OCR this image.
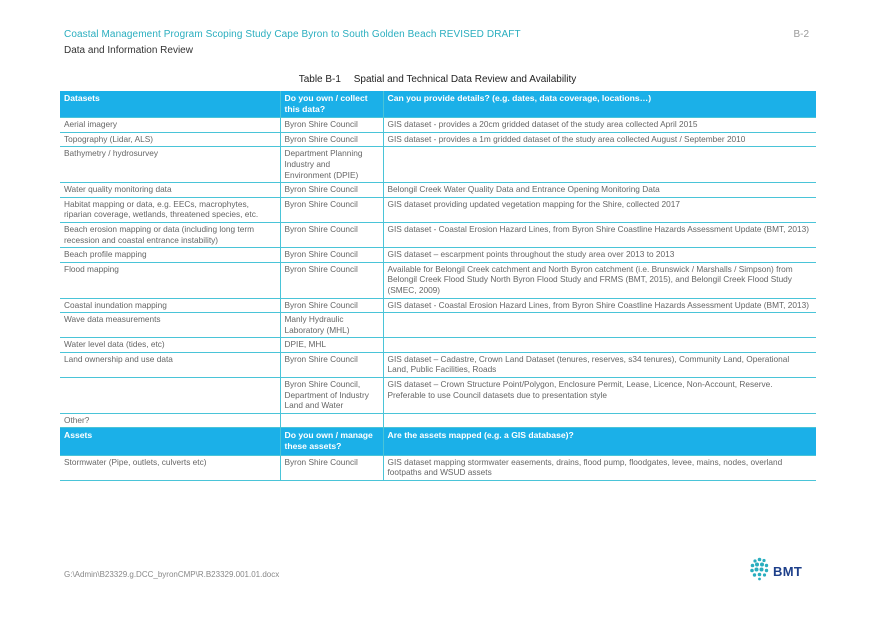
Coastal Management Program Scoping Study Cape Byron to South Golden Beach REVISED DRAFT	B-2
Data and Information Review
Table B-1 Spatial and Technical Data Review and Availability
Datasets	Do you own / collect this data?	Can you provide details? (e.g. dates, data coverage, locations…)
Aerial imagery	Byron Shire Council	GIS dataset - provides a 20cm gridded dataset of the study area collected April 2015
Topography (Lidar, ALS)	Byron Shire Council	GIS dataset - provides a 1m gridded dataset of the study area collected August / September 2010
Bathymetry / hydrosurvey	Department Planning Industry and Environment (DPIE)	
Water quality monitoring data	Byron Shire Council	Belongil Creek Water Quality Data and Entrance Opening Monitoring Data
Habitat mapping or data, e.g. EECs, macrophytes, riparian coverage, wetlands, threatened species, etc.	Byron Shire Council	GIS dataset providing updated vegetation mapping for the Shire, collected 2017
Beach erosion mapping or data (including long term recession and coastal entrance instability)	Byron Shire Council	GIS dataset - Coastal Erosion Hazard Lines, from Byron Shire Coastline Hazards Assessment Update (BMT, 2013)
Beach profile mapping	Byron Shire Council	GIS dataset – escarpment points throughout the study area over 2013 to 2013
Flood mapping	Byron Shire Council	Available for Belongil Creek catchment and North Byron catchment (i.e. Brunswick / Marshalls / Simpson) from Belongil Creek Flood Study North Byron Flood Study and FRMS (BMT, 2015), and Belongil Creek Flood Study (SMEC, 2009)
Coastal inundation mapping	Byron Shire Council	GIS dataset - Coastal Erosion Hazard Lines, from Byron Shire Coastline Hazards Assessment Update (BMT, 2013)
Wave data measurements	Manly Hydraulic Laboratory (MHL)	
Water level data (tides, etc)	DPIE, MHL	
Land ownership and use data	Byron Shire Council	GIS dataset – Cadastre, Crown Land Dataset (tenures, reserves, s34 tenures), Community Land, Operational Land, Public Facilities, Roads
	Byron Shire Council, Department of Industry Land and Water	GIS dataset – Crown Structure Point/Polygon, Enclosure Permit, Lease, Licence, Non-Account, Reserve. Preferable to use Council datasets due to presentation style
Other?		
Assets	Do you own / manage these assets?	Are the assets mapped (e.g. a GIS database)?
Stormwater (Pipe, outlets, culverts etc)	Byron Shire Council	GIS dataset mapping stormwater easements, drains, flood pump, floodgates, levee, mains, nodes, overland footpaths and WSUD assets
G:\Admin\B23329.g.DCC_byronCMP\R.B23329.001.01.docx	BMT
